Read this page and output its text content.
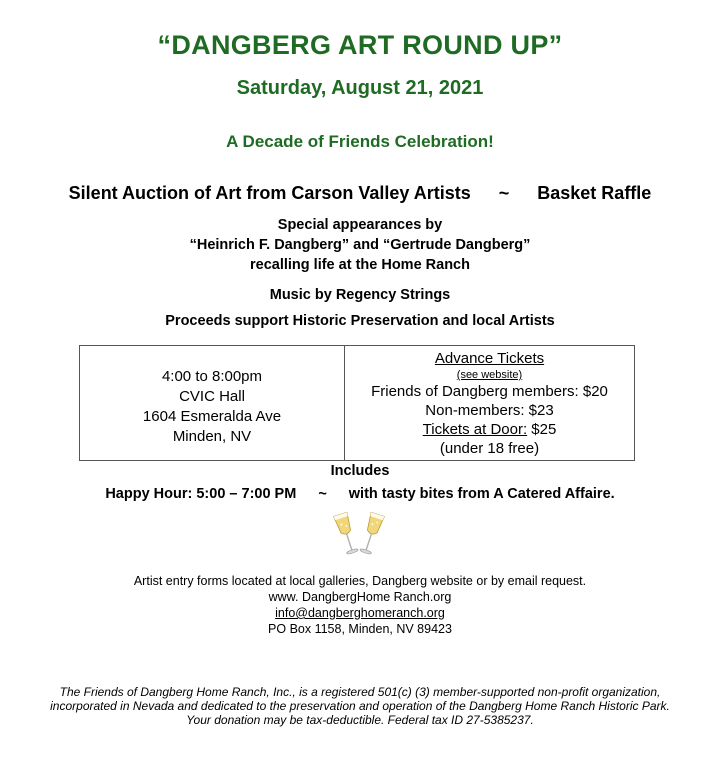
“DANGBERG ART ROUND UP”
Saturday, August 21, 2021
A Decade of Friends Celebration!
Silent Auction of Art from Carson Valley Artists ~ Basket Raffle
Special appearances by
“Heinrich F. Dangberg” and “Gertrude Dangberg”
recalling life at the Home Ranch
Music by Regency Strings
Proceeds support Historic Preservation and local Artists
4:00 to 8:00pm
CVIC Hall
1604 Esmeralda Ave
Minden, NV
Advance Tickets
(see website)
Friends of Dangberg members: $20
Non-members: $23
Tickets at Door: $25
(under 18 free)
Includes
Happy Hour: 5:00 – 7:00 PM ~ with tasty bites from A Catered Affaire.
Artist entry forms located at local galleries, Dangberg website or by email request.
www. DangbergHome Ranch.org
info@dangberghomeranch.org
PO Box 1158, Minden, NV 89423
The Friends of Dangberg Home Ranch, Inc., is a registered 501(c) (3) member-supported non-profit organization, incorporated in Nevada and dedicated to the preservation and operation of the Dangberg Home Ranch Historic Park. Your donation may be tax-deductible. Federal tax ID 27-5385237.
